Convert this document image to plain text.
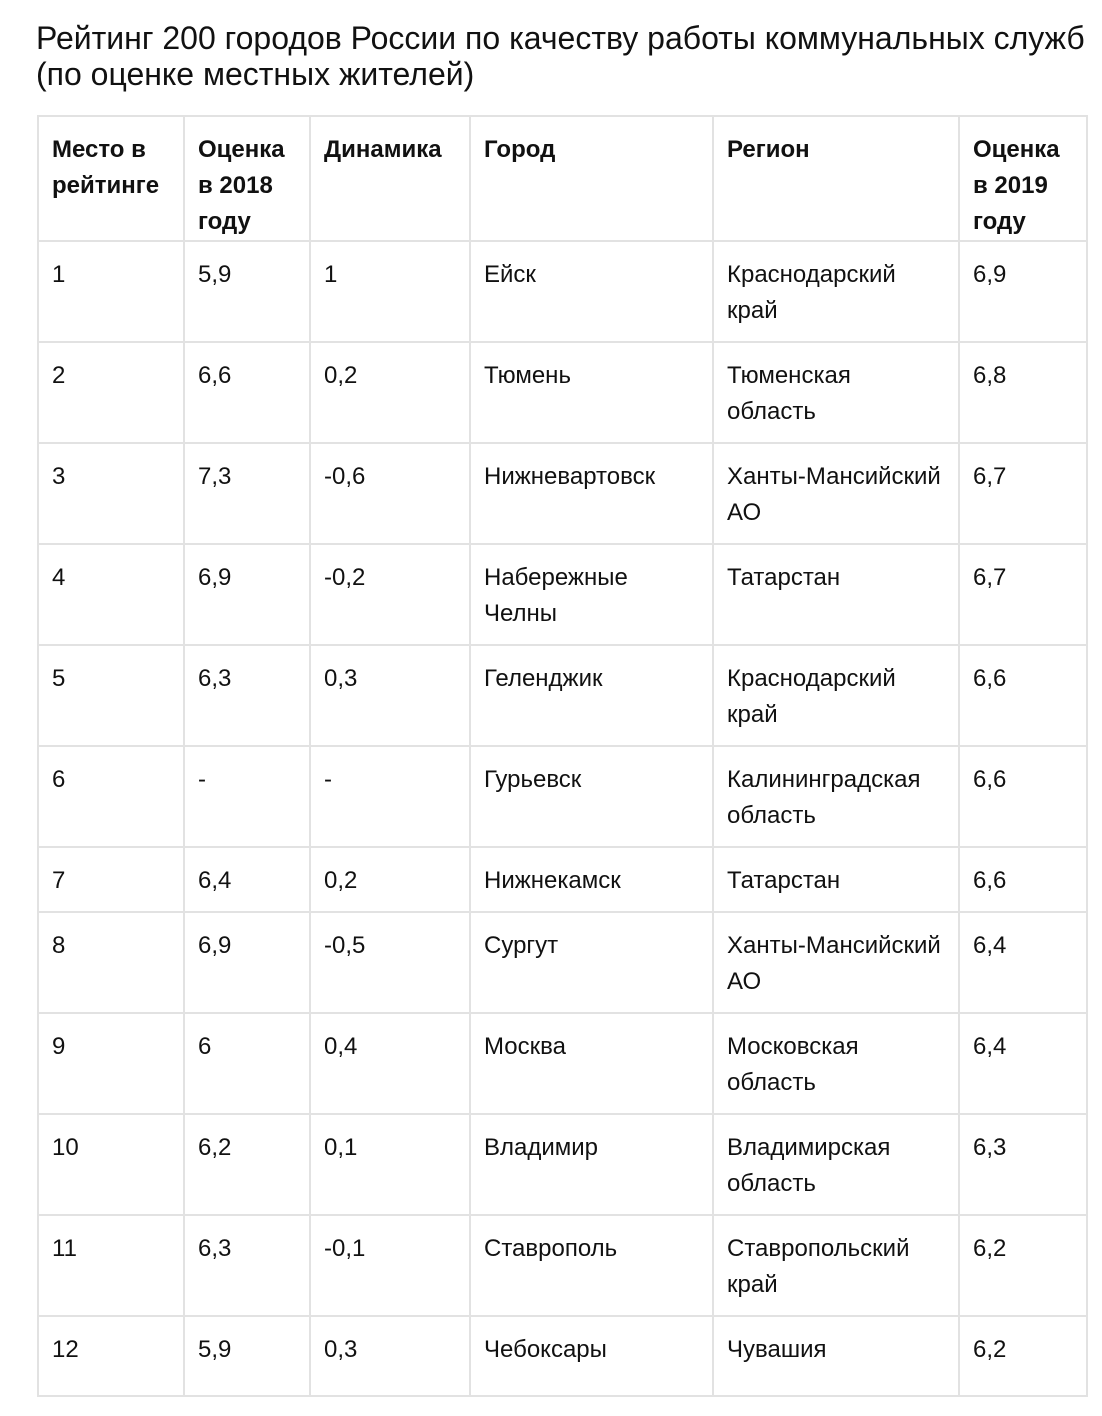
Рейтинг 200 городов России по качеству работы коммунальных служб (по оценке местных жителей)
Место в рейтинге	Оценка в 2018 году	Динамика	Город	Регион	Оценка в 2019 году
1	5,9	1	Ейск	Краснодарский край	6,9
2	6,6	0,2	Тюмень	Тюменская область	6,8
3	7,3	-0,6	Нижневартовск	Ханты-Мансийский АО	6,7
4	6,9	-0,2	Набережные Челны	Татарстан	6,7
5	6,3	0,3	Геленджик	Краснодарский край	6,6
6	-	-	Гурьевск	Калининградская область	6,6
7	6,4	0,2	Нижнекамск	Татарстан	6,6
8	6,9	-0,5	Сургут	Ханты-Мансийский АО	6,4
9	6	0,4	Москва	Московская область	6,4
10	6,2	0,1	Владимир	Владимирская область	6,3
11	6,3	-0,1	Ставрополь	Ставропольский край	6,2
12	5,9	0,3	Чебоксары	Чувашия	6,2
